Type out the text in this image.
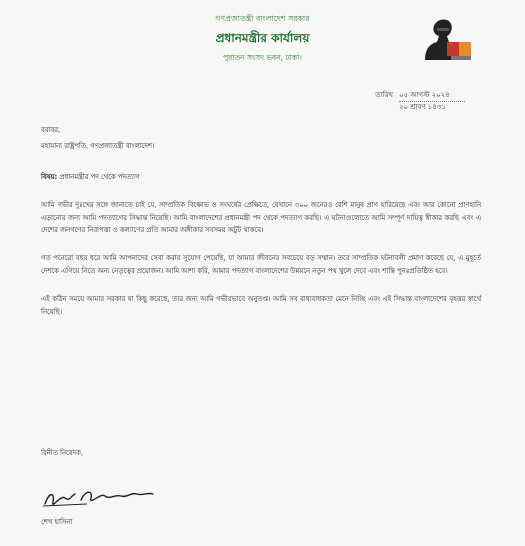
গণপ্রজাতন্ত্রী বাংলাদেশ সরকার
প্রধানমন্ত্রীর কার্যালয়
পুরাতন সংসদ ভবন, ঢাকা।
তারিখ ০৫ আগস্ট ২০২৪
২০ শ্রাবণ ১৪৩১

বরাবর,

মহামান্য রাষ্ট্রপতি, গণপ্রজাতন্ত্রী বাংলাদেশ।

বিষয়: প্রধানমন্ত্রীর পদ থেকে পদত্যাগ

আমি গভীর দুঃখের সঙ্গে জানাতে চাই যে, সাম্প্রতিক বিক্ষোভ ও সংঘর্ষের প্রেক্ষিতে, যেখানে ৩০০ জনেরও বেশি মানুষ প্রাণ হারিয়েছে এবং আর কোনো প্রাণহানি এড়ানোর জন্য আমি পদত্যাগের সিদ্ধান্ত নিয়েছি। আমি বাংলাদেশের প্রধানমন্ত্রী পদ থেকে পদত্যাগ করছি। এ ঘটনাগুলোতে আমি সম্পূর্ণ দায়িত্ব স্বীকার করছি এবং এ দেশের জনগণের নিরাপত্তা ও কল্যাণের প্রতি আমার অঙ্গীকার সবসময় অটুট থাকবে।

গত পনেরো বছর ধরে আমি আপনাদের সেবা করার সুযোগ পেয়েছি, যা আমার জীবনের সবচেয়ে বড় সম্মান। তবে সাম্প্রতিক ঘটনাবলী প্রমাণ করেছে যে, এ মুহূর্তে দেশকে এগিয়ে নিতে অন্য নেতৃত্বের প্রয়োজন। আমি আশা করি, আমার পদত্যাগ বাংলাদেশের উন্নয়নে নতুন পথ খুলে দেবে এবং শান্তি পুনঃপ্রতিষ্ঠিত হবে।

এই কঠিন সময়ে আমার সরকার যা কিছু করেছে, তার জন্য আমি গভীরভাবে অনুতপ্ত। আমি সব বাধ্যবাধকতা মেনে নিচ্ছি এবং এই সিদ্ধান্ত বাংলাদেশের বৃহত্তর স্বার্থে নিয়েছি।

বিনীত নিবেদক,
শেখ হাসিনা
